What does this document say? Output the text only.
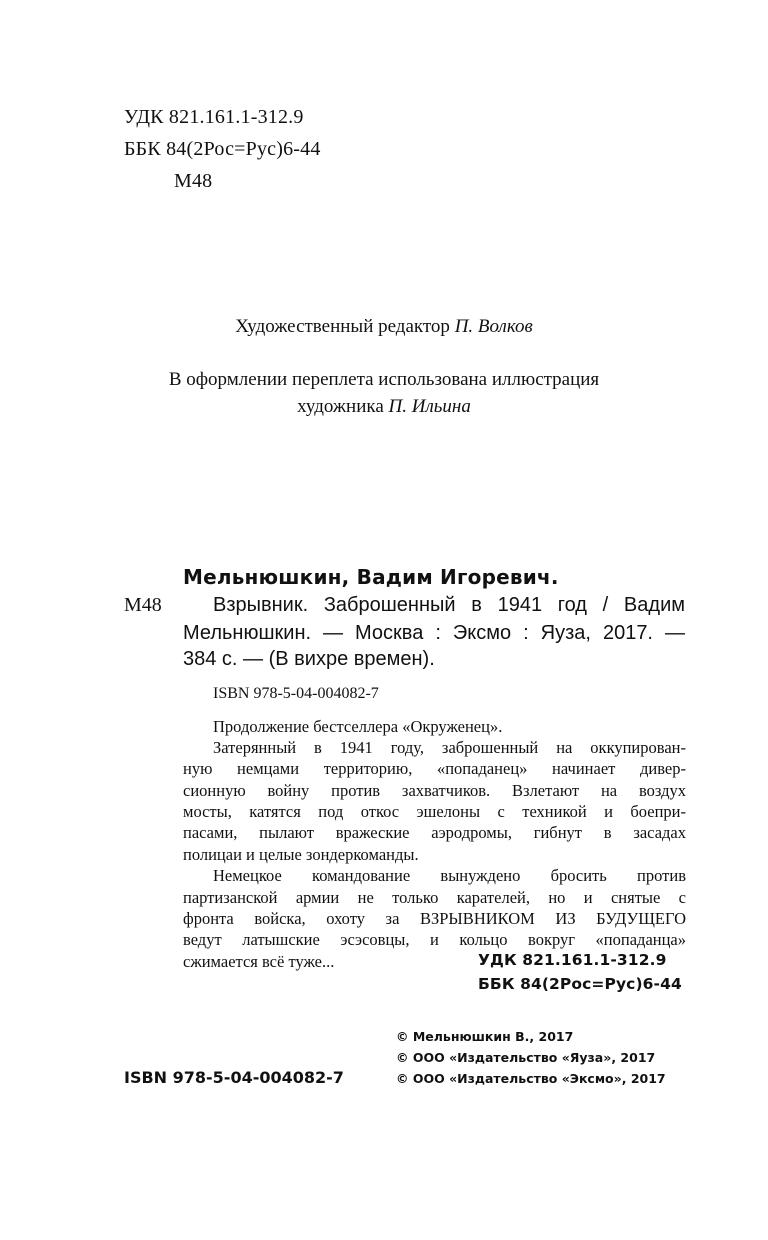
УДК 821.161.1-312.9
ББК 84(2Рос=Рус)6-44
М48
Художественный редактор П. Волков
В оформлении переплета использована иллюстрация
художника П. Ильина
Мельнюшкин, Вадим Игоревич.
М48	Взрывник. Заброшенный в 1941 год / Вадим
Мельнюшкин. — Москва : Эксмо : Яуза, 2017. —
384 с. — (В вихре времен).
ISBN 978-5-04-004082-7
Продолжение бестселлера «Окруженец».
Затерянный в 1941 году, заброшенный на оккупирован-
ную немцами территорию, «попаданец» начинает дивер-
сионную войну против захватчиков. Взлетают на воздух
мосты, катятся под откос эшелоны с техникой и боепри-
пасами, пылают вражеские аэродромы, гибнут в засадах
полицаи и целые зондеркоманды.
Немецкое командование вынуждено бросить против
партизанской армии не только карателей, но и снятые с
фронта войска, охоту за ВЗРЫВНИКОМ ИЗ БУДУЩЕГО
ведут латышские эсэсовцы, и кольцо вокруг «попаданца»
сжимается всё туже...	УДК 821.161.1-312.9
ББК 84(2Рос=Рус)6-44
© Мельнюшкин В., 2017
© ООО «Издательство «Яуза», 2017
© ООО «Издательство «Эксмо», 2017
ISBN 978-5-04-004082-7
